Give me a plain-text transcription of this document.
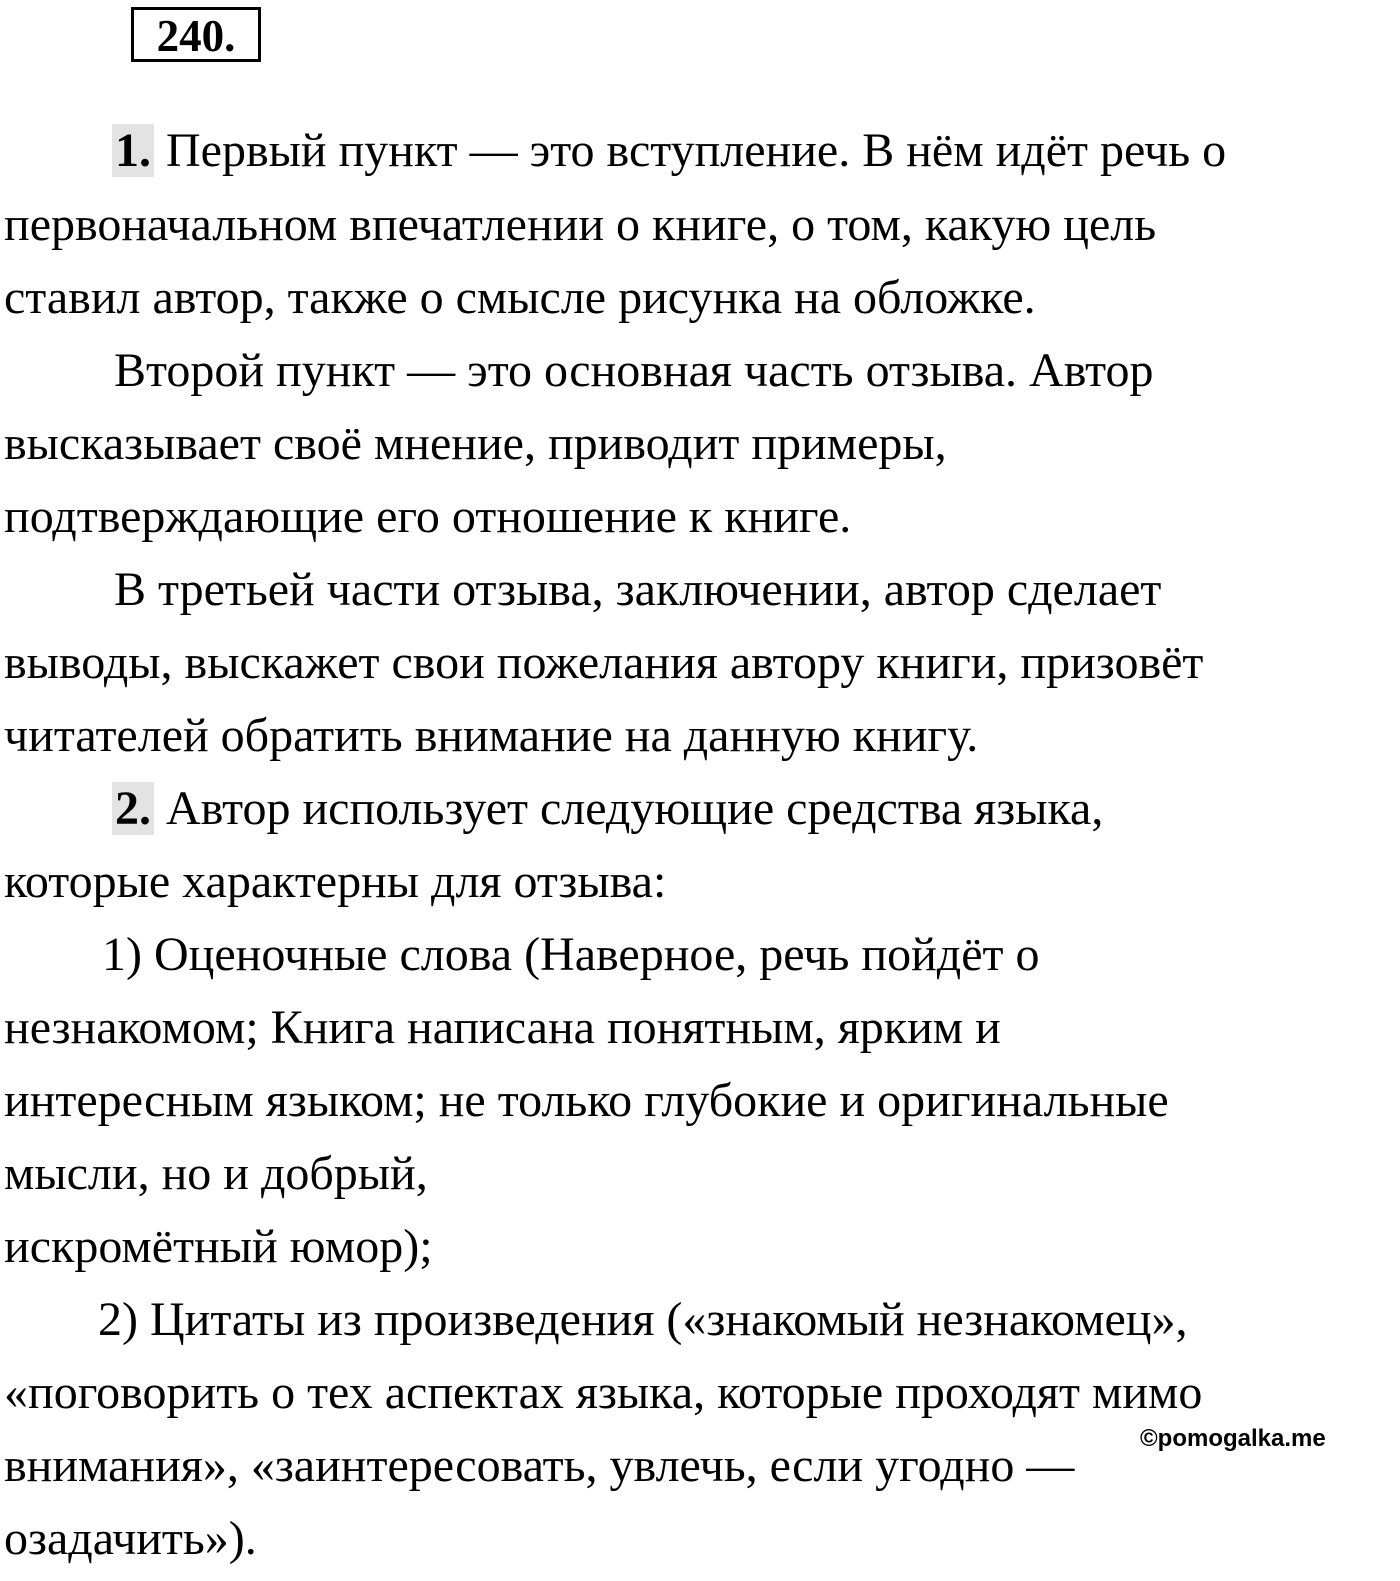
240.
1. Первый пункт — это вступление. В нём идёт речь о
первоначальном впечатлении о книге, о том, какую цель
ставил автор, также о смысле рисунка на обложке.
Второй пункт — это основная часть отзыва. Автор
высказывает своё мнение, приводит примеры,
подтверждающие его отношение к книге.
В третьей части отзыва, заключении, автор сделает
выводы, выскажет свои пожелания автору книги, призовёт
читателей обратить внимание на данную книгу.
2. Автор использует следующие средства языка,
которые характерны для отзыва:
1) Оценочные слова (Наверное, речь пойдёт о
незнакомом; Книга написана понятным, ярким и
интересным языком; не только глубокие и оригинальные
мысли, но и добрый,
искромётный юмор);
2) Цитаты из произведения («знакомый незнакомец»,
«поговорить о тех аспектах языка, которые проходят мимо
внимания», «заинтересовать, увлечь, если угодно —
озадачить»).
©pomogalka.me
